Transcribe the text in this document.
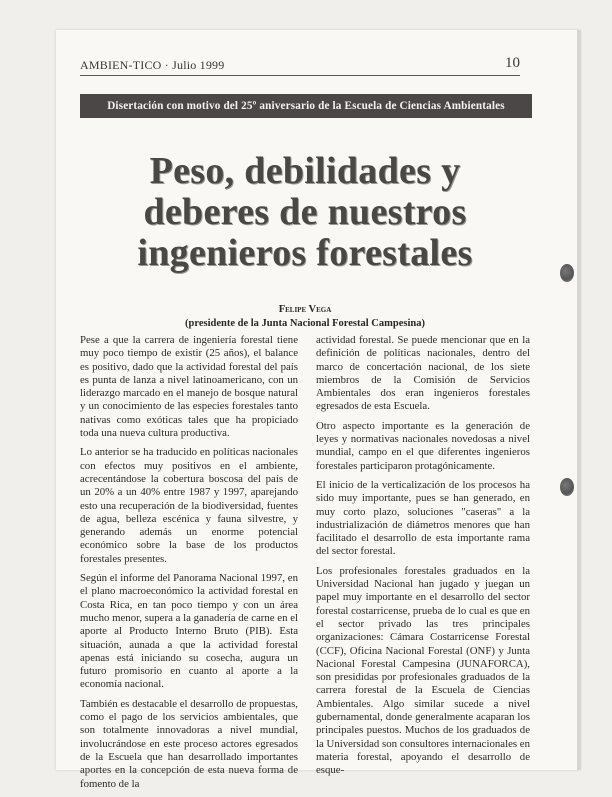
AMBIEN-TICO · Julio 1999	10
Disertación con motivo del 25º aniversario de la Escuela de Ciencias Ambientales
Peso, debilidades y deberes de nuestros ingenieros forestales
Felipe Vega
(presidente de la Junta Nacional Forestal Campesina)

Pese a que la carrera de ingeniería forestal tiene muy poco tiempo de existir (25 años), el balance es positivo, dado que la actividad forestal del país es punta de lanza a nivel latinoamericano, con un liderazgo marcado en el manejo de bosque natural y un conocimiento de las especies forestales tanto nativas como exóticas tales que ha propiciado toda una nueva cultura productiva.

Lo anterior se ha traducido en políticas nacionales con efectos muy positivos en el ambiente, acrecentándose la cobertura boscosa del país de un 20% a un 40% entre 1987 y 1997, aparejando esto una recuperación de la biodiversidad, fuentes de agua, belleza escénica y fauna silvestre, y generando además un enorme potencial económico sobre la base de los productos forestales presentes.

Según el informe del Panorama Nacional 1997, en el plano macroeconómico la actividad forestal en Costa Rica, en tan poco tiempo y con un área mucho menor, supera a la ganadería de carne en el aporte al Producto Interno Bruto (PIB). Esta situación, aunada a que la actividad forestal apenas está iniciando su cosecha, augura un futuro promisorio en cuanto al aporte a la economía nacional.

También es destacable el desarrollo de propuestas, como el pago de los servicios ambientales, que son totalmente innovadoras a nivel mundial, involucrándose en este proceso actores egresados de la Escuela que han desarrollado importantes aportes en la concepción de esta nueva forma de fomento de la

actividad forestal. Se puede mencionar que en la definición de políticas nacionales, dentro del marco de concertación nacional, de los siete miembros de la Comisión de Servicios Ambientales dos eran ingenieros forestales egresados de esta Escuela.

Otro aspecto importante es la generación de leyes y normativas nacionales novedosas a nivel mundial, campo en el que diferentes ingenieros forestales participaron protagónicamente.

El inicio de la verticalización de los procesos ha sido muy importante, pues se han generado, en muy corto plazo, soluciones "caseras" a la industrialización de diámetros menores que han facilitado el desarrollo de esta importante rama del sector forestal.

Los profesionales forestales graduados en la Universidad Nacional han jugado y juegan un papel muy importante en el desarrollo del sector forestal costarricense, prueba de lo cual es que en el sector privado las tres principales organizaciones: Cámara Costarricense Forestal (CCF), Oficina Nacional Forestal (ONF) y Junta Nacional Forestal Campesina (JUNAFORCA), son presididas por profesionales graduados de la carrera forestal de la Escuela de Ciencias Ambientales. Algo similar sucede a nivel gubernamental, donde generalmente acaparan los principales puestos. Muchos de los graduados de la Universidad son consultores internacionales en materia forestal, apoyando el desarrollo de esque-
